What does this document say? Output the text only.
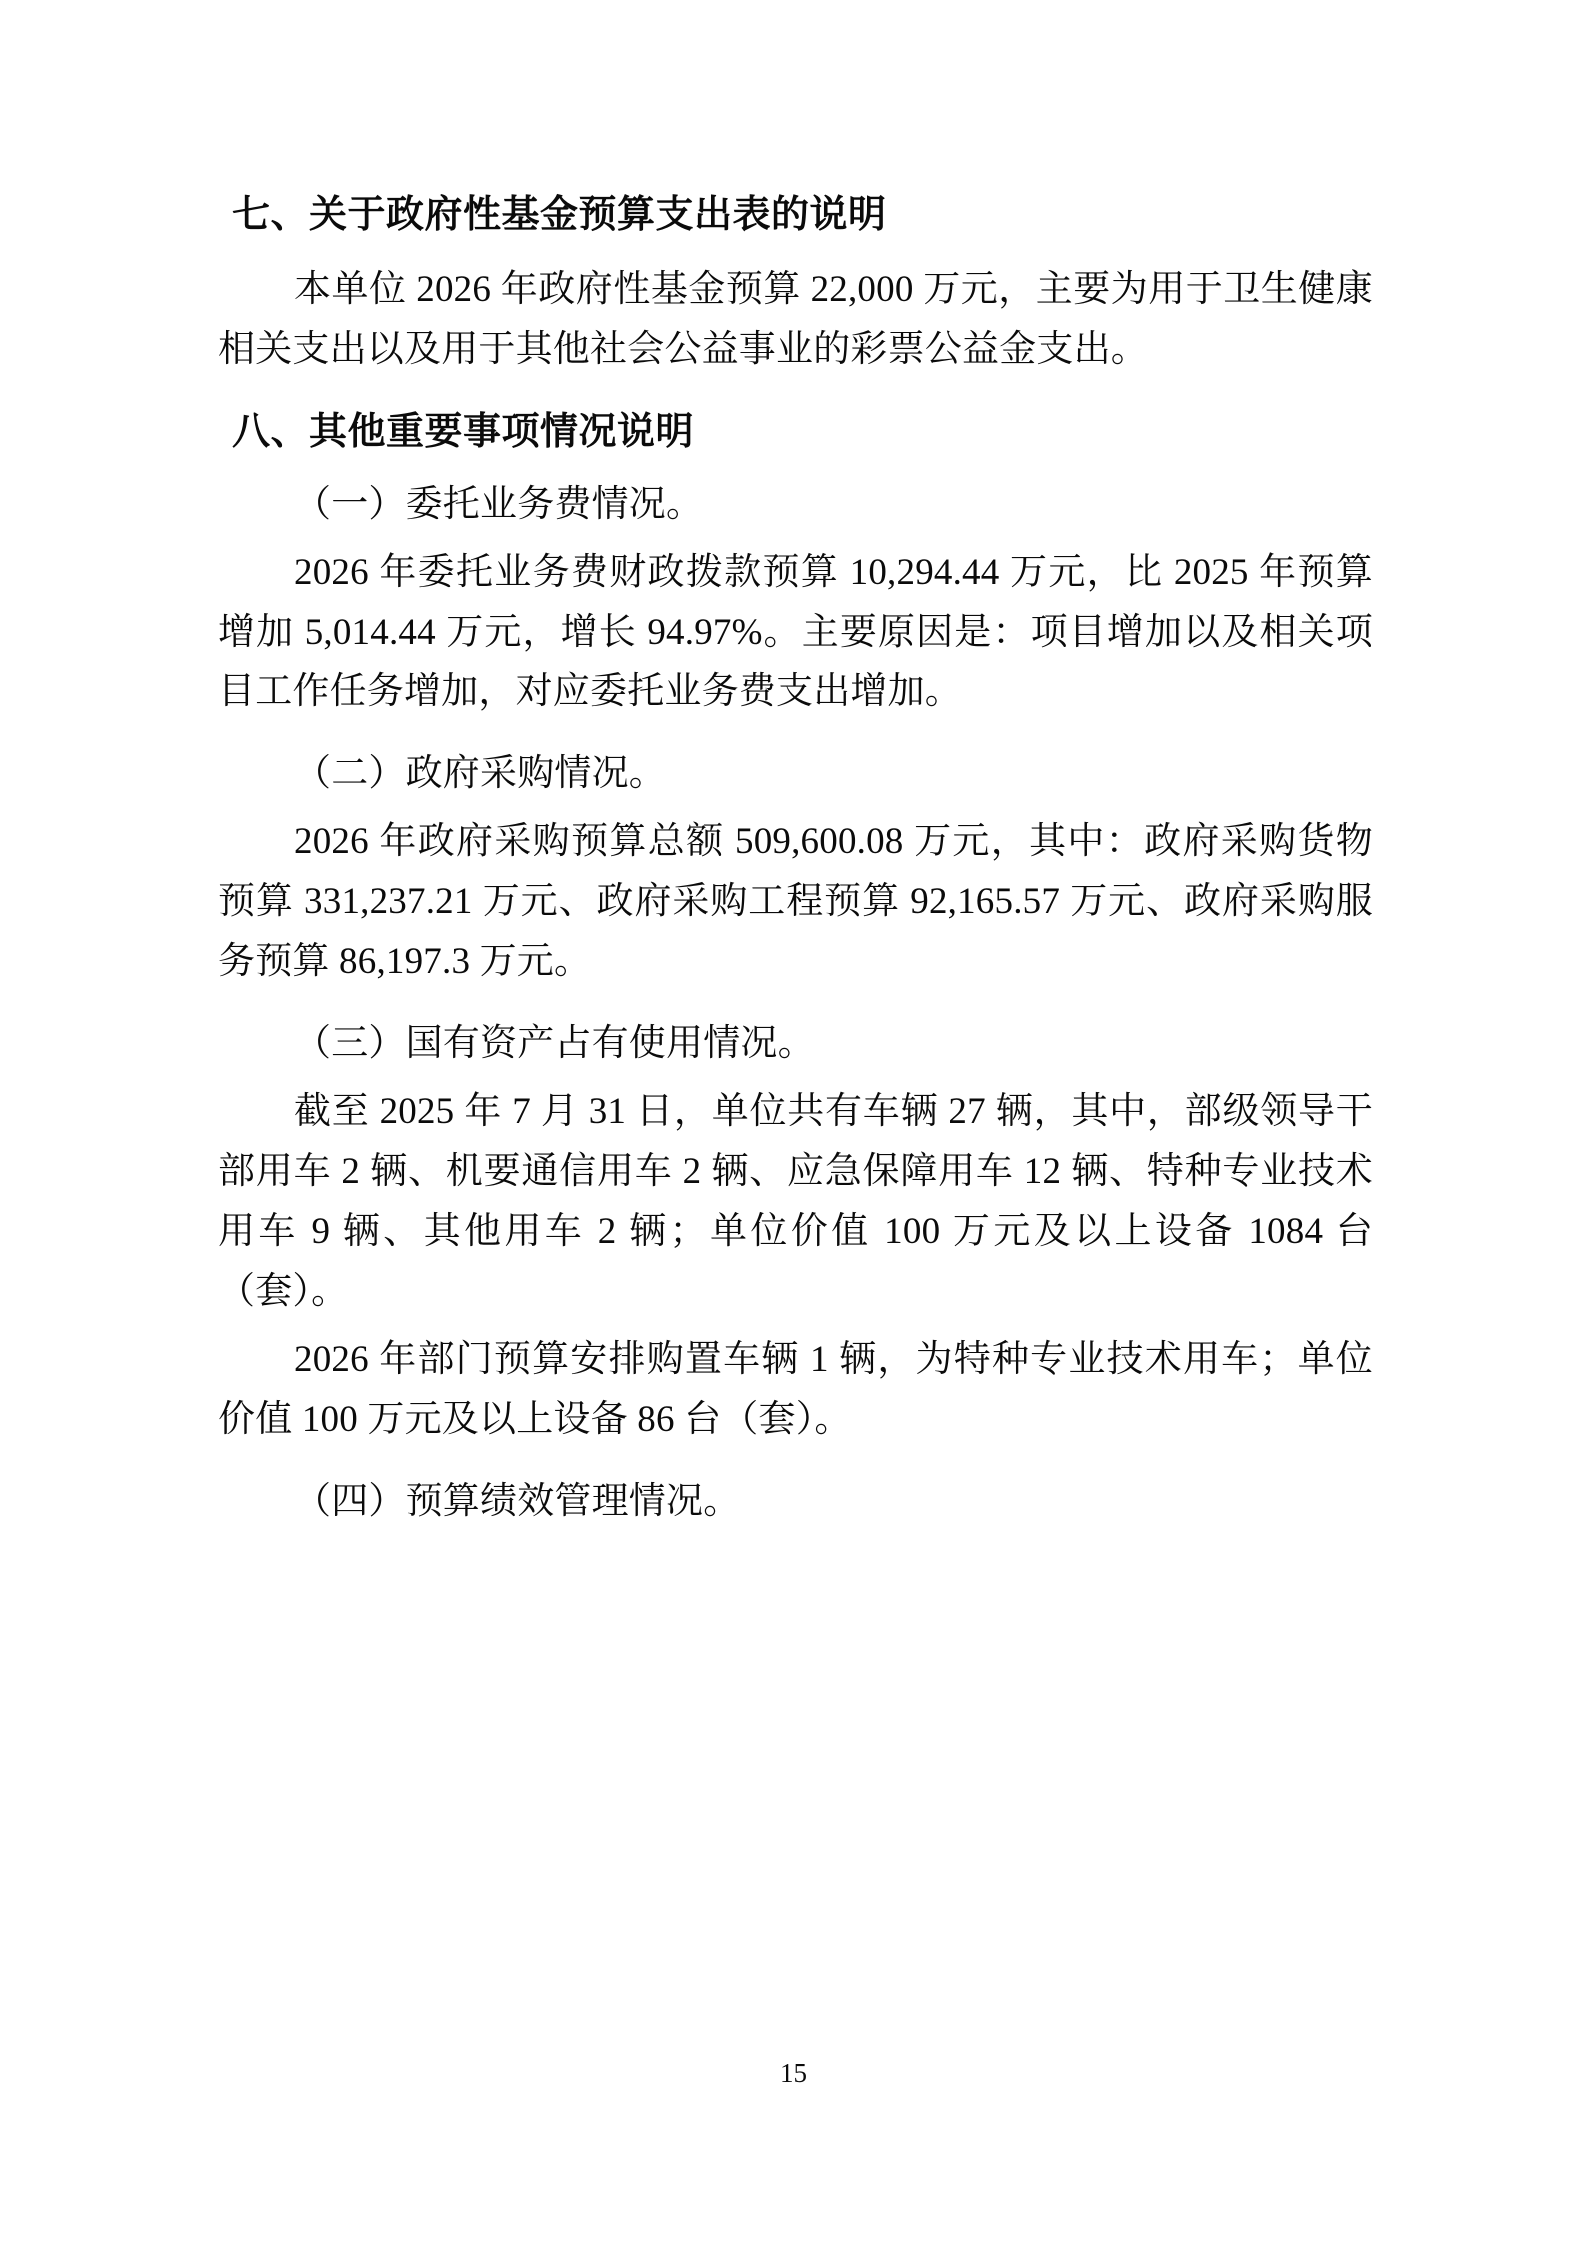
七、关于政府性基金预算支出表的说明

本单位 2026 年政府性基金预算 22,000 万元，主要为用于卫生健康相关支出以及用于其他社会公益事业的彩票公益金支出。

八、其他重要事项情况说明

（一）委托业务费情况。

2026 年委托业务费财政拨款预算 10,294.44 万元，比 2025 年预算增加 5,014.44 万元，增长 94.97%。主要原因是：项目增加以及相关项目工作任务增加，对应委托业务费支出增加。

（二）政府采购情况。

2026 年政府采购预算总额 509,600.08 万元，其中：政府采购货物预算 331,237.21 万元、政府采购工程预算 92,165.57 万元、政府采购服务预算 86,197.3 万元。

（三）国有资产占有使用情况。

截至 2025 年 7 月 31 日，单位共有车辆 27 辆，其中，部级领导干部用车 2 辆、机要通信用车 2 辆、应急保障用车 12 辆、特种专业技术用车 9 辆、其他用车 2 辆；单位价值 100 万元及以上设备 1084 台（套）。

2026 年部门预算安排购置车辆 1 辆，为特种专业技术用车；单位价值 100 万元及以上设备 86 台（套）。

（四）预算绩效管理情况。

15
